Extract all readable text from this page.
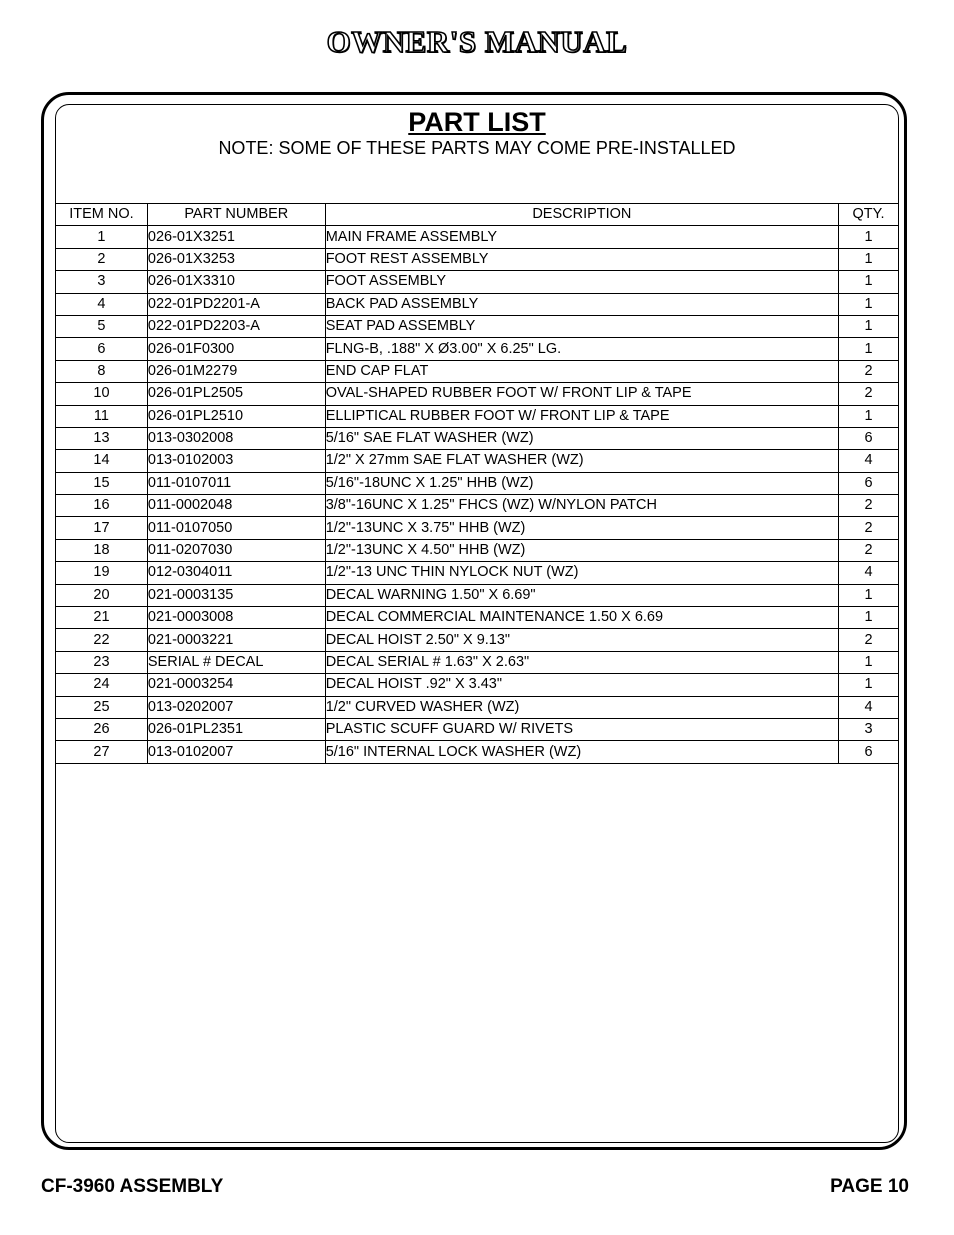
OWNER'S MANUAL
PART LIST
NOTE: SOME OF THESE PARTS MAY COME PRE-INSTALLED
ITEM NO.	PART NUMBER	DESCRIPTION	QTY.
1	026-01X3251	MAIN FRAME ASSEMBLY	1
2	026-01X3253	FOOT REST ASSEMBLY	1
3	026-01X3310	FOOT ASSEMBLY	1
4	022-01PD2201-A	BACK PAD ASSEMBLY	1
5	022-01PD2203-A	SEAT PAD ASSEMBLY	1
6	026-01F0300	FLNG-B, .188" X Ø3.00" X 6.25" LG.	1
8	026-01M2279	END CAP FLAT	2
10	026-01PL2505	OVAL-SHAPED RUBBER FOOT W/ FRONT LIP & TAPE	2
11	026-01PL2510	ELLIPTICAL RUBBER FOOT W/ FRONT LIP & TAPE	1
13	013-0302008	5/16" SAE FLAT WASHER (WZ)	6
14	013-0102003	1/2" X 27mm SAE FLAT WASHER (WZ)	4
15	011-0107011	5/16"-18UNC X 1.25" HHB (WZ)	6
16	011-0002048	3/8"-16UNC X 1.25" FHCS (WZ) W/NYLON PATCH	2
17	011-0107050	1/2"-13UNC X 3.75" HHB (WZ)	2
18	011-0207030	1/2"-13UNC X 4.50" HHB (WZ)	2
19	012-0304011	1/2"-13 UNC THIN NYLOCK NUT (WZ)	4
20	021-0003135	DECAL WARNING 1.50" X 6.69"	1
21	021-0003008	DECAL COMMERCIAL MAINTENANCE 1.50 X 6.69	1
22	021-0003221	DECAL HOIST 2.50" X 9.13"	2
23	SERIAL # DECAL	DECAL SERIAL # 1.63" X 2.63"	1
24	021-0003254	DECAL HOIST .92" X 3.43"	1
25	013-0202007	1/2" CURVED WASHER (WZ)	4
26	026-01PL2351	PLASTIC SCUFF GUARD W/ RIVETS	3
27	013-0102007	5/16" INTERNAL LOCK WASHER (WZ)	6
CF-3960 ASSEMBLY	PAGE 10
